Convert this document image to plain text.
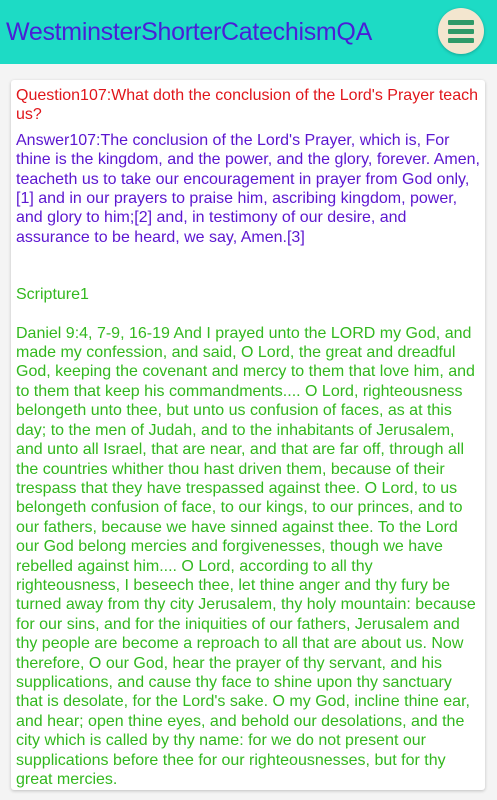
WestminsterShorterCatechismQA

Question107:What doth the conclusion of the Lord's Prayer teach us?

Answer107:The conclusion of the Lord's Prayer, which is, For thine is the kingdom, and the power, and the glory, forever. Amen, teacheth us to take our encouragement in prayer from God only,[1] and in our prayers to praise him, ascribing kingdom, power, and glory to him;[2] and, in testimony of our desire, and assurance to be heard, we say, Amen.[3]

Scripture1

Daniel 9:4, 7-9, 16-19 And I prayed unto the LORD my God, and made my confession, and said, O Lord, the great and dreadful God, keeping the covenant and mercy to them that love him, and to them that keep his commandments.... O Lord, righteousness belongeth unto thee, but unto us confusion of faces, as at this day; to the men of Judah, and to the inhabitants of Jerusalem, and unto all Israel, that are near, and that are far off, through all the countries whither thou hast driven them, because of their trespass that they have trespassed against thee. O Lord, to us belongeth confusion of face, to our kings, to our princes, and to our fathers, because we have sinned against thee. To the Lord our God belong mercies and forgivenesses, though we have rebelled against him.... O Lord, according to all thy righteousness, I beseech thee, let thine anger and thy fury be turned away from thy city Jerusalem, thy holy mountain: because for our sins, and for the iniquities of our fathers, Jerusalem and thy people are become a reproach to all that are about us. Now therefore, O our God, hear the prayer of thy servant, and his supplications, and cause thy face to shine upon thy sanctuary that is desolate, for the Lord's sake. O my God, incline thine ear, and hear; open thine eyes, and behold our desolations, and the city which is called by thy name: for we do not present our supplications before thee for our righteousnesses, but for thy great mercies.
